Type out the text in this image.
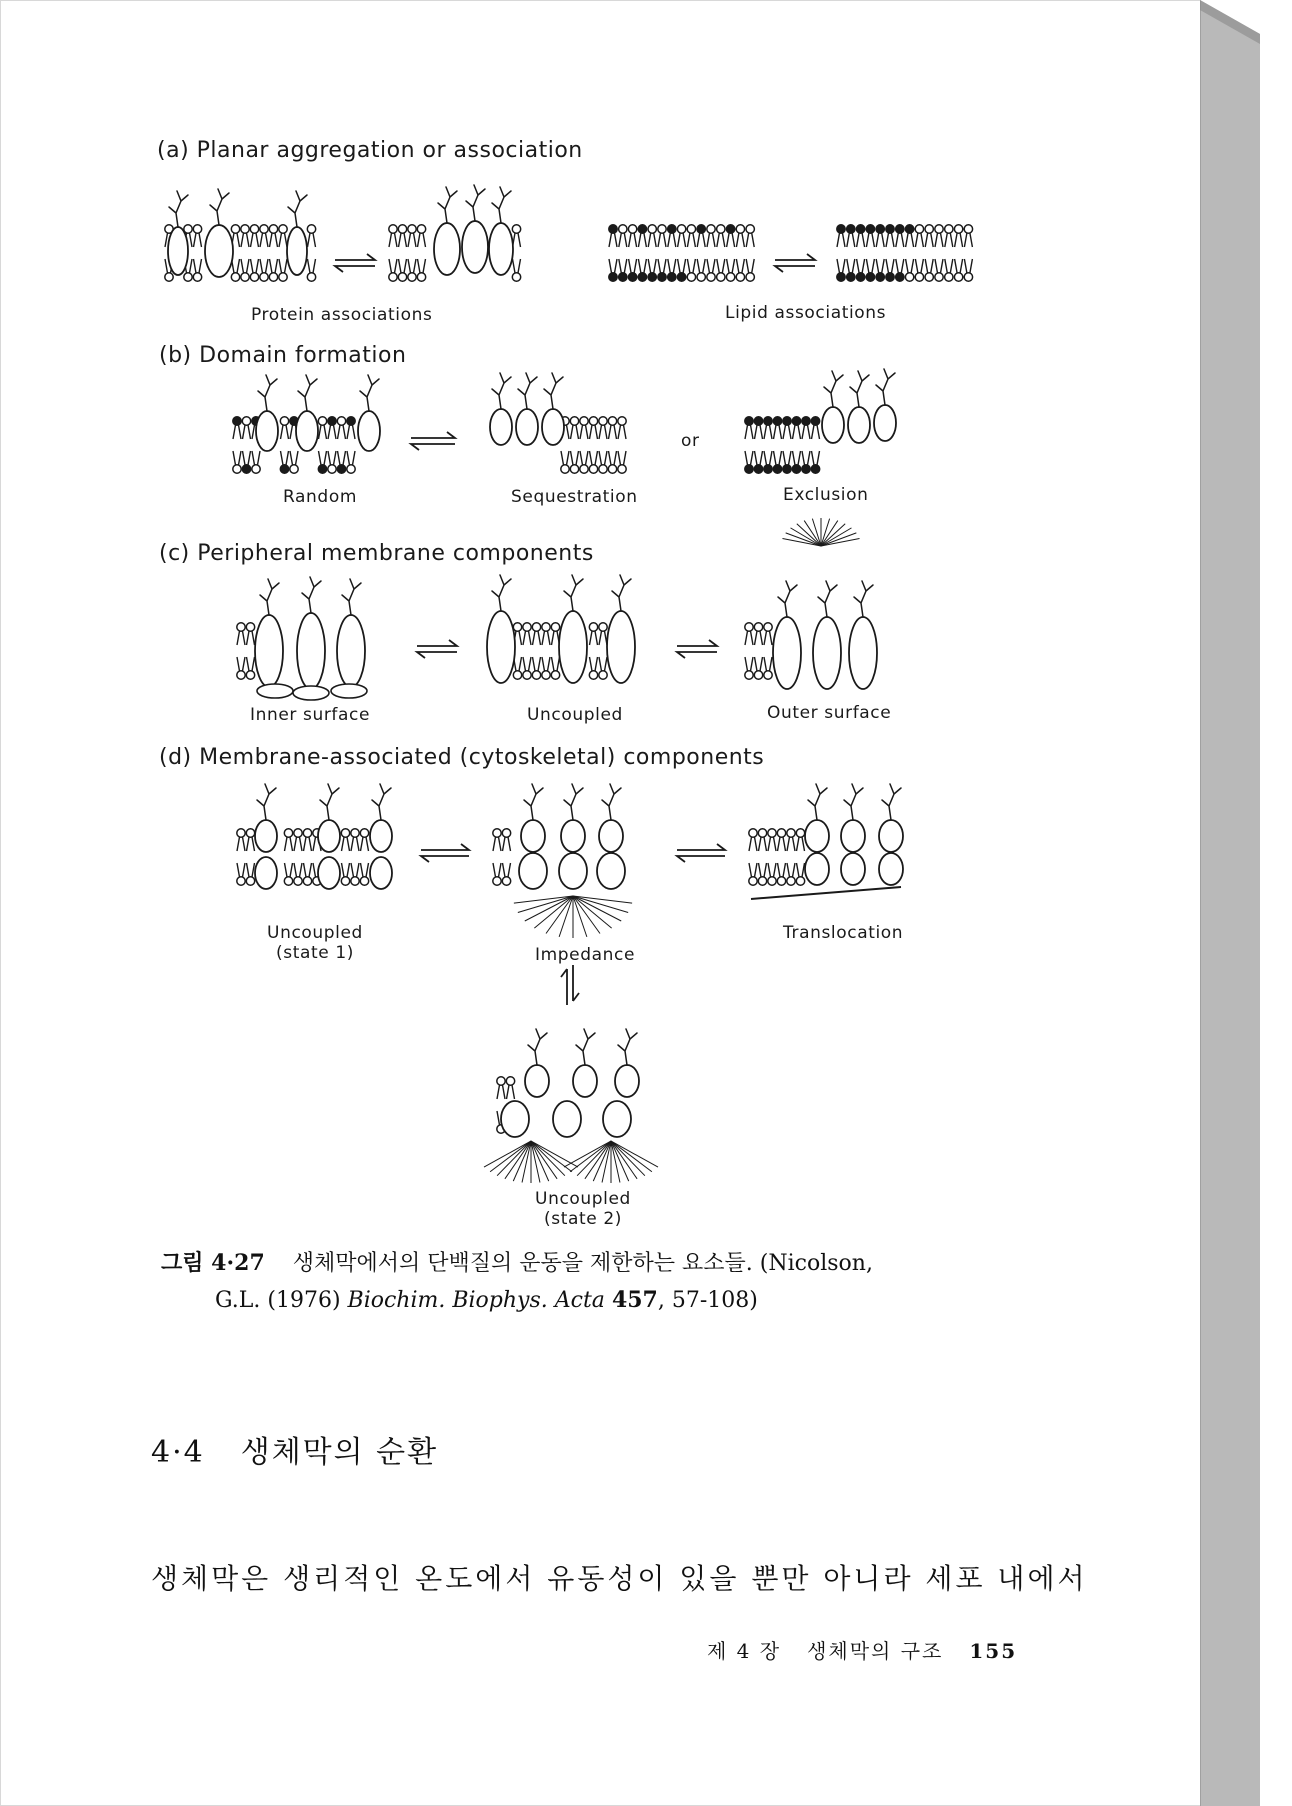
(a) Planar aggregation or association
(b) Domain formation
(c) Peripheral membrane components
(d) Membrane-associated (cytoskeletal) components
Protein associations	Lipid associations
Random	Sequestration	Exclusion
or
Inner surface	Uncoupled	Outer surface
Uncoupled
(state 1)	Impedance
Translocation
Uncoupled
(state 2)
그림 4·27 생체막에서의 단백질의 운동을 제한하는 요소들. (Nicolson,
G.L. (1976) Biochim. Biophys. Acta 457, 57-108)
4·4 생체막의 순환
생체막은 생리적인 온도에서 유동성이 있을 뿐만 아니라 세포 내에서
제 4 장 생체막의 구조 155
